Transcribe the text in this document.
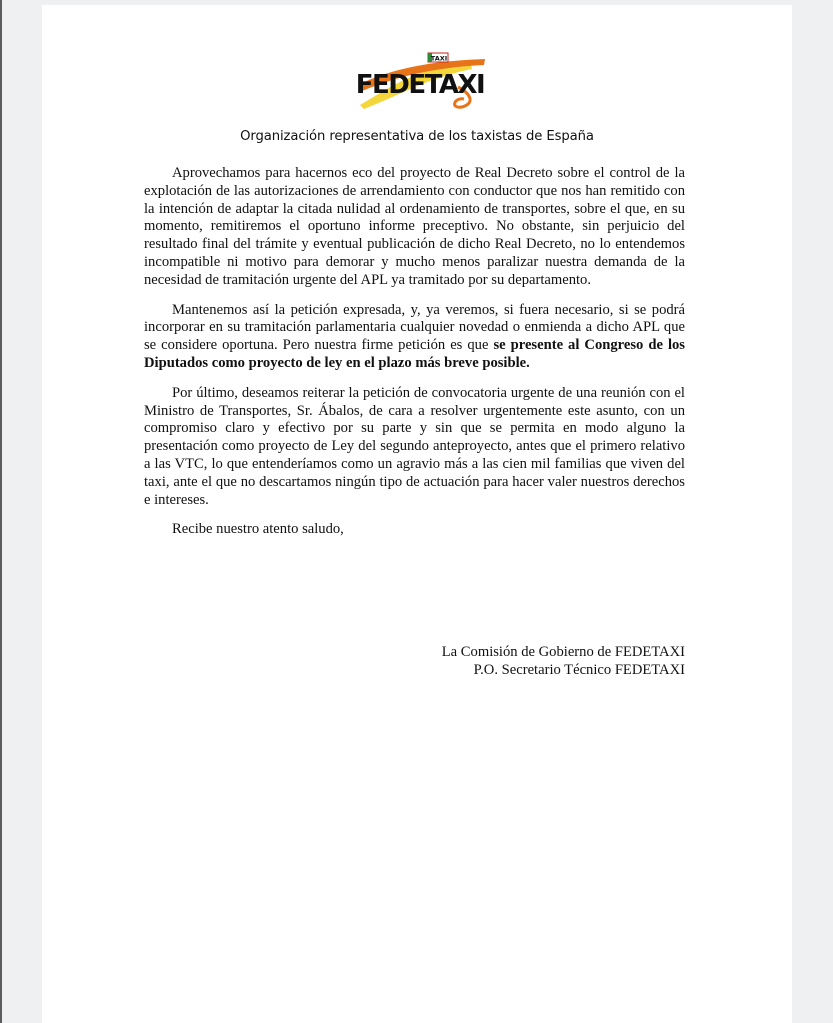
TAXI
FEDETAXI
Organización representativa de los taxistas de España

Aprovechamos para hacernos eco del proyecto de Real Decreto sobre el control de la explotación de las autorizaciones de arrendamiento con conductor que nos han remitido con la intención de adaptar la citada nulidad al ordenamiento de transportes, sobre el que, en su momento, remitiremos el oportuno informe preceptivo. No obstante, sin perjuicio del resultado final del trámite y eventual publicación de dicho Real Decreto, no lo entendemos incompatible ni motivo para demorar y mucho menos paralizar nuestra demanda de la necesidad de tramitación urgente del APL ya tramitado por su departamento.

Mantenemos así la petición expresada, y, ya veremos, si fuera necesario, si se podrá incorporar en su tramitación parlamentaria cualquier novedad o enmienda a dicho APL que se considere oportuna. Pero nuestra firme petición es que se presente al Congreso de los Diputados como proyecto de ley en el plazo más breve posible.

Por último, deseamos reiterar la petición de convocatoria urgente de una reunión con el Ministro de Transportes, Sr. Ábalos, de cara a resolver urgentemente este asunto, con un compromiso claro y efectivo por su parte y sin que se permita en modo alguno la presentación como proyecto de Ley del segundo anteproyecto, antes que el primero relativo a las VTC, lo que entenderíamos como un agravio más a las cien mil familias que viven del taxi, ante el que no descartamos ningún tipo de actuación para hacer valer nuestros derechos e intereses.

Recibe nuestro atento saludo,

La Comisión de Gobierno de FEDETAXI
P.O. Secretario Técnico FEDETAXI
